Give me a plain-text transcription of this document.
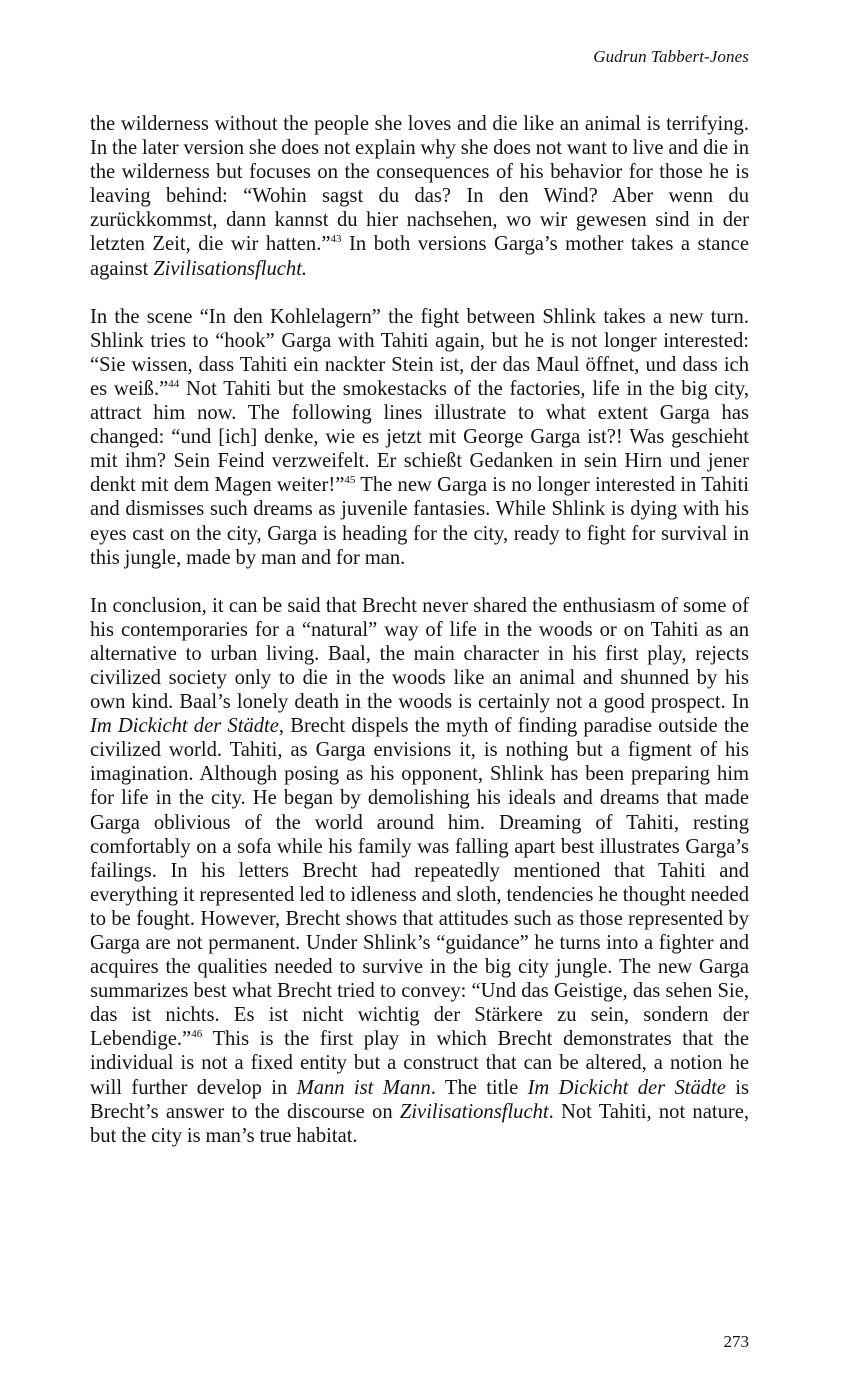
Gudrun Tabbert-Jones

the wilderness without the people she loves and die like an animal is terrifying. In the later version she does not explain why she does not want to live and die in the wilderness but focuses on the consequences of his behavior for those he is leaving behind: “Wohin sagst du das? In den Wind? Aber wenn du zurückkommst, dann kannst du hier nachsehen, wo wir gewesen sind in der letzten Zeit, die wir hatten.”$^{43}$ In both versions Garga’s mother takes a stance against Zivilisationsflucht.

In the scene “In den Kohlelagern” the fight between Shlink takes a new turn. Shlink tries to “hook” Garga with Tahiti again, but he is not longer interested: “Sie wissen, dass Tahiti ein nackter Stein ist, der das Maul öffnet, und dass ich es weiß.”$^{44}$ Not Tahiti but the smokestacks of the factories, life in the big city, attract him now. The following lines illustrate to what extent Garga has changed: “und [ich] denke, wie es jetzt mit George Garga ist?! Was geschieht mit ihm? Sein Feind verzweifelt. Er schießt Gedanken in sein Hirn und jener denkt mit dem Magen weiter!”$^{45}$ The new Garga is no longer interested in Tahiti and dismisses such dreams as juvenile fantasies. While Shlink is dying with his eyes cast on the city, Garga is heading for the city, ready to fight for survival in this jungle, made by man and for man.

In conclusion, it can be said that Brecht never shared the enthusiasm of some of his contemporaries for a “natural” way of life in the woods or on Tahiti as an alternative to urban living. Baal, the main character in his first play, rejects civilized society only to die in the woods like an animal and shunned by his own kind. Baal’s lonely death in the woods is certainly not a good prospect. In Im Dickicht der Städte, Brecht dispels the myth of finding paradise outside the civilized world. Tahiti, as Garga envisions it, is nothing but a figment of his imagination. Although posing as his opponent, Shlink has been preparing him for life in the city. He began by demolishing his ideals and dreams that made Garga oblivious of the world around him. Dreaming of Tahiti, resting comfortably on a sofa while his family was falling apart best illustrates Garga’s failings. In his letters Brecht had repeatedly mentioned that Tahiti and everything it represented led to idleness and sloth, tendencies he thought needed to be fought. However, Brecht shows that attitudes such as those represented by Garga are not permanent. Under Shlink’s “guidance” he turns into a fighter and acquires the qualities needed to survive in the big city jungle. The new Garga summarizes best what Brecht tried to convey: “Und das Geistige, das sehen Sie, das ist nichts. Es ist nicht wichtig der Stärkere zu sein, sondern der Lebendige.”$^{46}$ This is the first play in which Brecht demonstrates that the individual is not a fixed entity but a construct that can be altered, a notion he will further develop in Mann ist Mann. The title Im Dickicht der Städte is Brecht’s answer to the discourse on Zivilisationsflucht. Not Tahiti, not nature, but the city is man’s true habitat.

273
